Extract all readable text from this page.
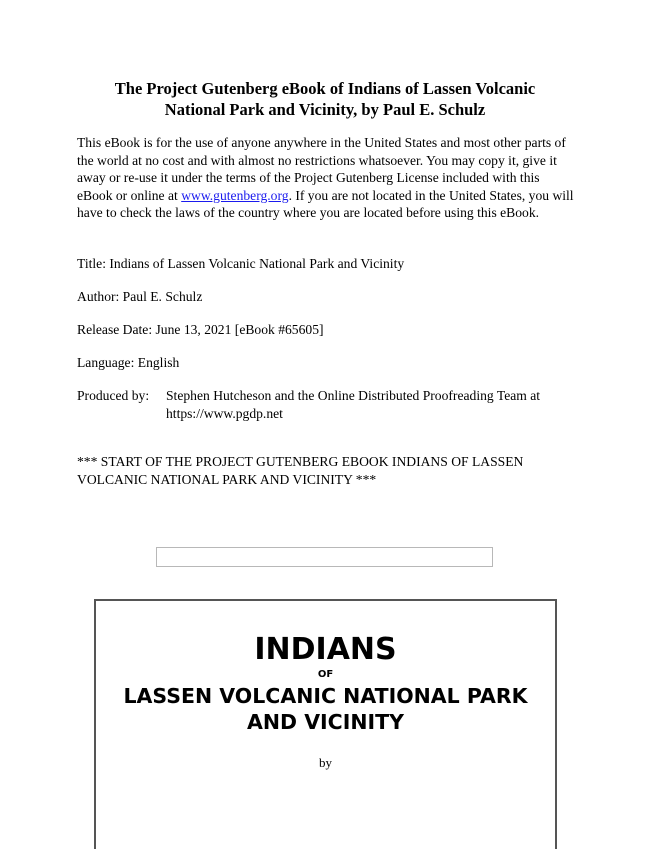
The Project Gutenberg eBook of Indians of Lassen Volcanic
National Park and Vicinity, by Paul E. Schulz

This eBook is for the use of anyone anywhere in the United States and most other parts of the world at no cost and with almost no restrictions whatsoever. You may copy it, give it away or re-use it under the terms of the Project Gutenberg License included with this eBook or online at www.gutenberg.org. If you are not located in the United States, you will have to check the laws of the country where you are located before using this eBook.

Title: Indians of Lassen Volcanic National Park and Vicinity

Author: Paul E. Schulz

Release Date: June 13, 2021 [eBook #65605]

Language: English

Produced by: Stephen Hutcheson and the Online Distributed Proofreading Team at https://www.pgdp.net

*** START OF THE PROJECT GUTENBERG EBOOK INDIANS OF LASSEN VOLCANIC NATIONAL PARK AND VICINITY ***

INDIANS

OF

LASSEN VOLCANIC NATIONAL PARK
AND VICINITY

by
